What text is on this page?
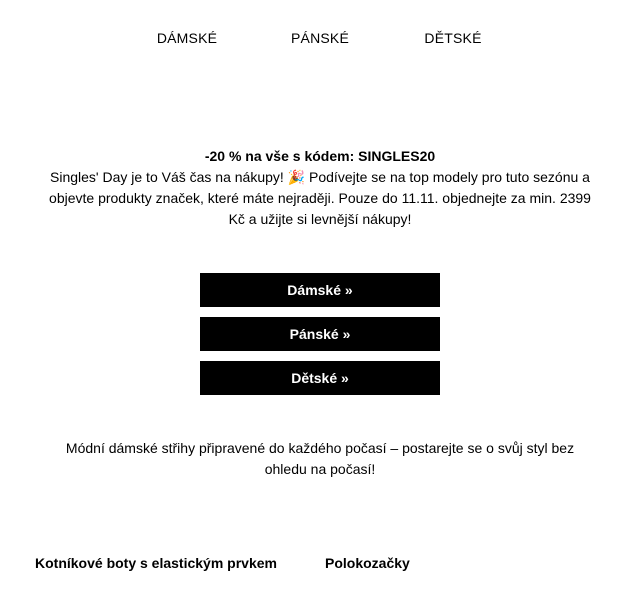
DÁMSKÉ	PÁNSKÉ	DĚTSKÉ
-20 % na vše s kódem: SINGLES20

Singles' Day je to Váš čas na nákupy! 🎉 Podívejte se na top modely pro tuto sezónu a objevte produkty značek, které máte nejraději. Pouze do 11.11. objednejte za min. 2399 Kč a užijte si levnější nákupy!

Dámské »
Pánské »
Dětské »

Módní dámské střihy připravené do každého počasí – postarejte se o svůj styl bez ohledu na počasí!

Kotníkové boty s elastickým prvkem	Polokozačky
